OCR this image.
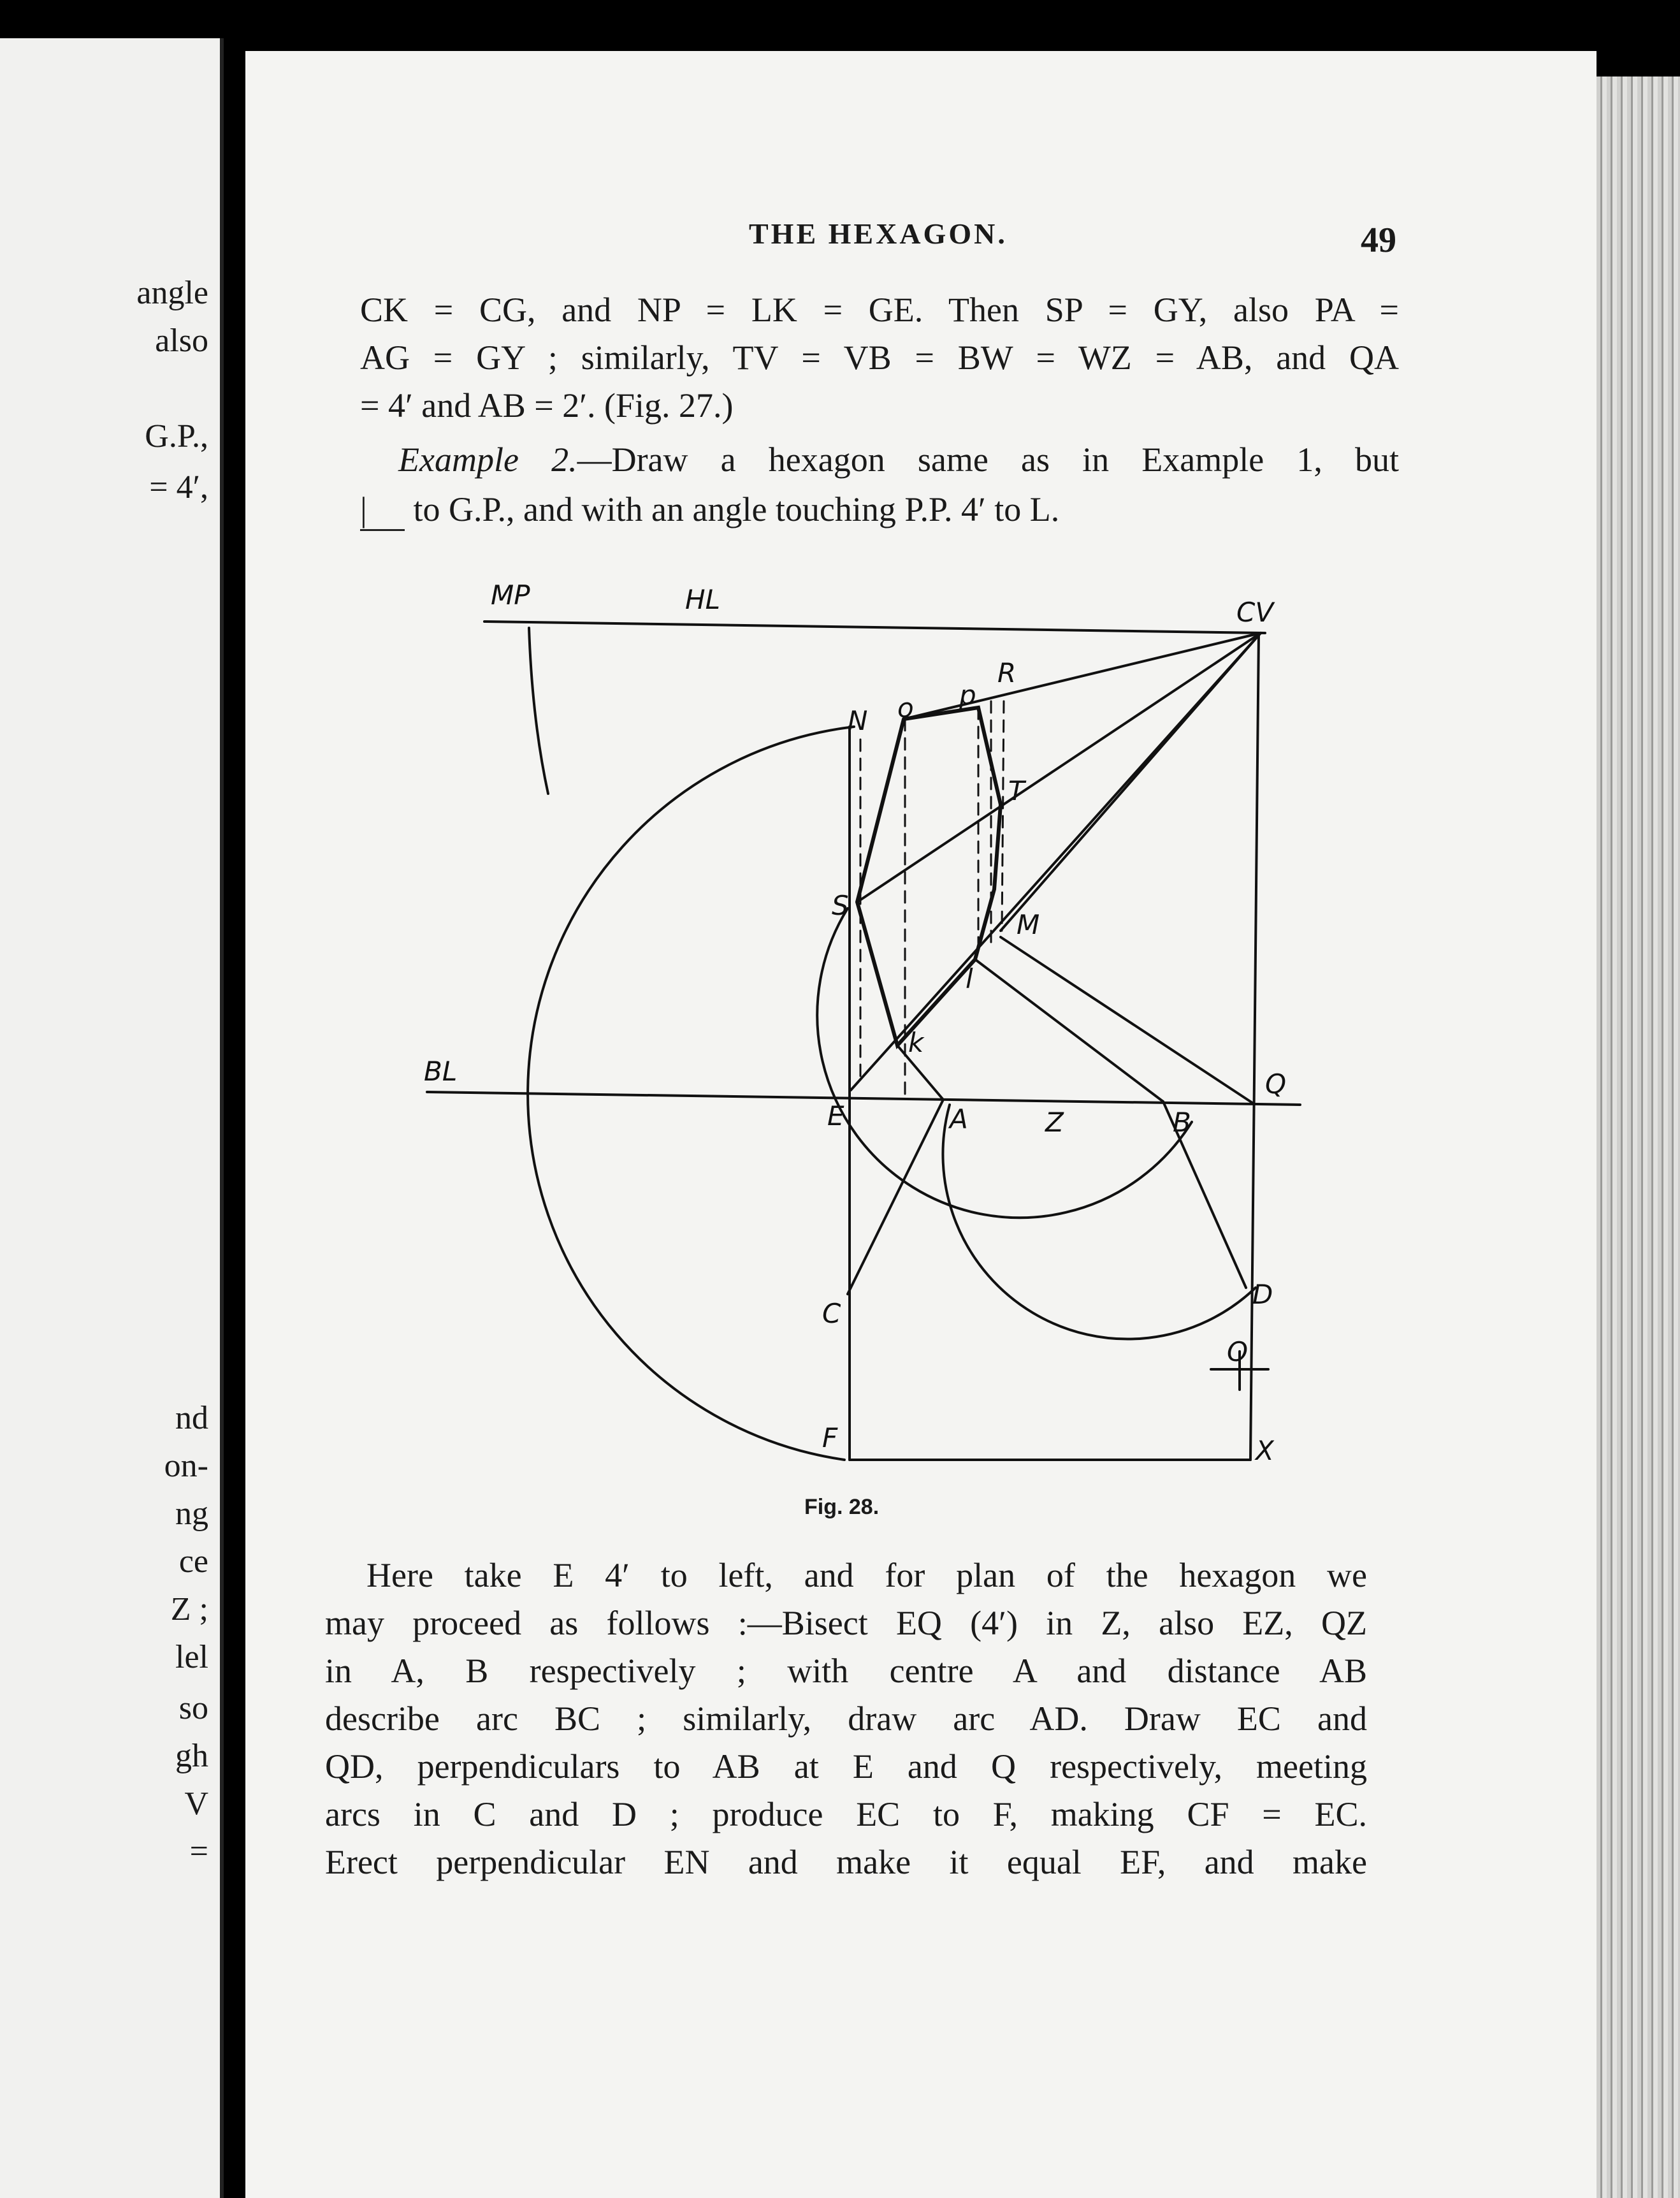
angle
also
G.P.,
= 4′,
nd
on-
ng
ce
Z ;
lel
so
gh
V
=
THE HEXAGON.	49
CK = CG, and NP = LK = GE. Then SP = GY, also PA =
AG = GY ; similarly, TV = VB = BW = WZ = AB, and QA
= 4′ and AB = 2′. (Fig. 27.)
Example 2.—Draw a hexagon same as in Example 1, but
| to G.P., and with an angle touching P.P. 4′ to L.
MP	HL	CV
N o p
R
T
S
M
l
k
BL	Q
E	A	Z	B
C
D
O
F	X
Fig. 28.
Here take E 4′ to left, and for plan of the hexagon we
may proceed as follows :—Bisect EQ (4′) in Z, also EZ, QZ
in A, B respectively ; with centre A and distance AB
describe arc BC ; similarly, draw arc AD. Draw EC and
QD, perpendiculars to AB at E and Q respectively, meeting
arcs in C and D ; produce EC to F, making CF = EC.
Erect perpendicular EN and make it equal EF, and make
